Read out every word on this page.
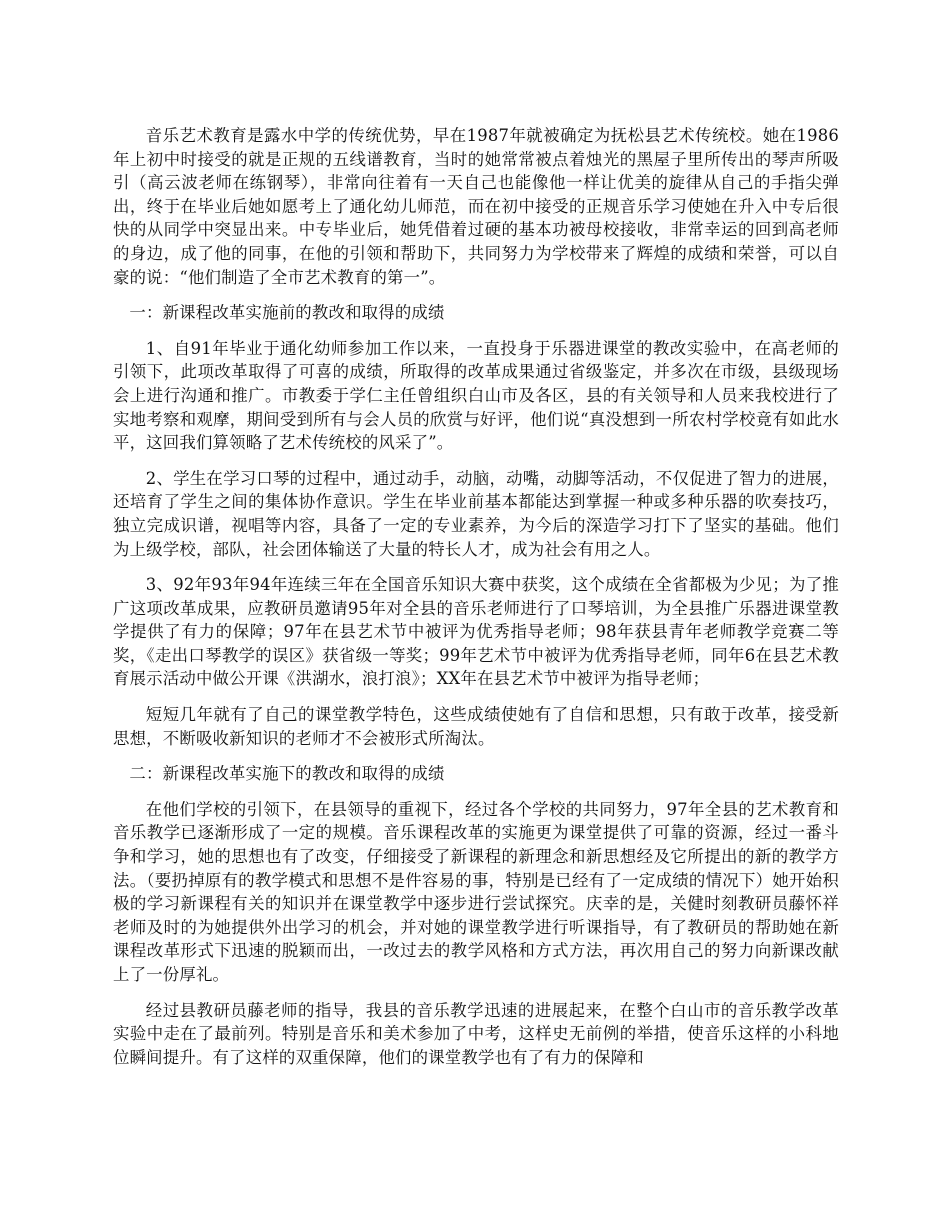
音乐艺术教育是露水中学的传统优势，早在1987年就被确定为抚松县艺术传统校。她在1986年上初中时接受的就是正规的五线谱教育，当时的她常常被点着烛光的黑屋子里所传出的琴声所吸引（高云波老师在练钢琴），非常向往着有一天自己也能像他一样让优美的旋律从自己的手指尖弹出，终于在毕业后她如愿考上了通化幼儿师范，而在初中接受的正规音乐学习使她在升入中专后很快的从同学中突显出来。中专毕业后，她凭借着过硬的基本功被母校接收，非常幸运的回到高老师的身边，成了他的同事，在他的引领和帮助下，共同努力为学校带来了辉煌的成绩和荣誉，可以自豪的说：“他们制造了全市艺术教育的第一”。

一：新课程改革实施前的教改和取得的成绩

1、自91年毕业于通化幼师参加工作以来，一直投身于乐器进课堂的教改实验中，在高老师的引领下，此项改革取得了可喜的成绩，所取得的改革成果通过省级鉴定，并多次在市级，县级现场会上进行沟通和推广。市教委于学仁主任曾组织白山市及各区，县的有关领导和人员来我校进行了实地考察和观摩，期间受到所有与会人员的欣赏与好评，他们说“真没想到一所农村学校竟有如此水平，这回我们算领略了艺术传统校的风采了”。

2、学生在学习口琴的过程中，通过动手，动脑，动嘴，动脚等活动，不仅促进了智力的进展，还培育了学生之间的集体协作意识。学生在毕业前基本都能达到掌握一种或多种乐器的吹奏技巧，独立完成识谱，视唱等内容，具备了一定的专业素养，为今后的深造学习打下了坚实的基础。他们为上级学校，部队，社会团体输送了大量的特长人才，成为社会有用之人。

3、92年93年94年连续三年在全国音乐知识大赛中获奖，这个成绩在全省都极为少见；为了推广这项改革成果，应教研员邀请95年对全县的音乐老师进行了口琴培训，为全县推广乐器进课堂教学提供了有力的保障；97年在县艺术节中被评为优秀指导老师；98年获县青年老师教学竞赛二等奖，《走出口琴教学的误区》获省级一等奖；99年艺术节中被评为优秀指导老师，同年6在县艺术教育展示活动中做公开课《洪湖水，浪打浪》；XX年在县艺术节中被评为指导老师；

短短几年就有了自己的课堂教学特色，这些成绩使她有了自信和思想，只有敢于改革，接受新思想，不断吸收新知识的老师才不会被形式所淘汰。

二：新课程改革实施下的教改和取得的成绩

在他们学校的引领下，在县领导的重视下，经过各个学校的共同努力，97年全县的艺术教育和音乐教学已逐渐形成了一定的规模。音乐课程改革的实施更为课堂提供了可靠的资源，经过一番斗争和学习，她的思想也有了改变，仔细接受了新课程的新理念和新思想经及它所提出的新的教学方法。（要扔掉原有的教学模式和思想不是件容易的事，特别是已经有了一定成绩的情况下）她开始积极的学习新课程有关的知识并在课堂教学中逐步进行尝试探究。庆幸的是，关健时刻教研员藤怀祥老师及时的为她提供外出学习的机会，并对她的课堂教学进行听课指导，有了教研员的帮助她在新课程改革形式下迅速的脱颖而出，一改过去的教学风格和方式方法，再次用自己的努力向新课改献上了一份厚礼。

经过县教研员藤老师的指导，我县的音乐教学迅速的进展起来，在整个白山市的音乐教学改革实验中走在了最前列。特别是音乐和美术参加了中考，这样史无前例的举措，使音乐这样的小科地位瞬间提升。有了这样的双重保障，他们的课堂教学也有了有力的保障和
